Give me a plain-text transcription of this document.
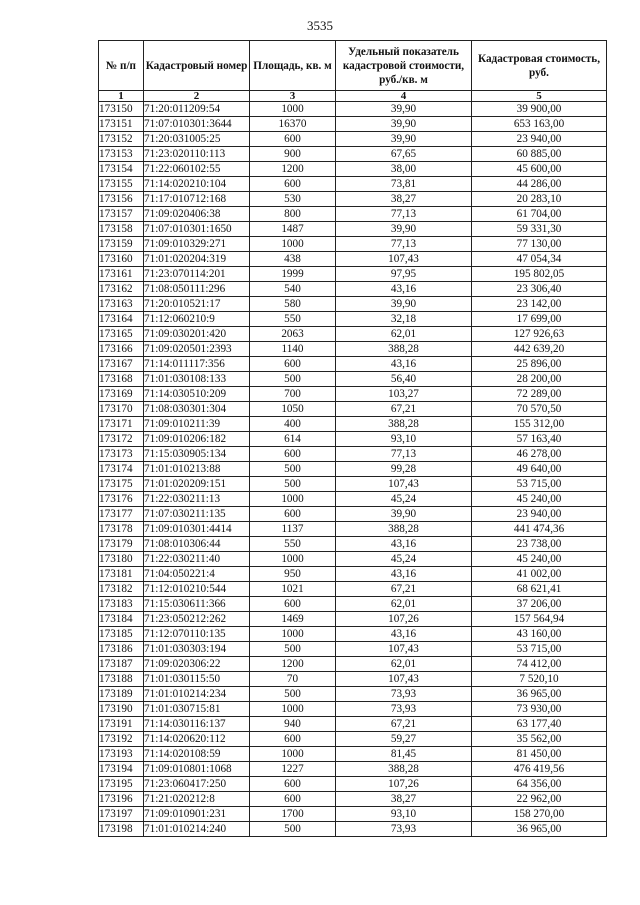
3535
№ п/п	Кадастровый номер	Площадь, кв. м	Удельный показатель кадастровой стоимости, руб./кв. м	Кадастровая стоимость, руб.
1	2	3	4	5
173150	71:20:011209:54	1000	39,90	39 900,00
173151	71:07:010301:3644	16370	39,90	653 163,00
173152	71:20:031005:25	600	39,90	23 940,00
173153	71:23:020110:113	900	67,65	60 885,00
173154	71:22:060102:55	1200	38,00	45 600,00
173155	71:14:020210:104	600	73,81	44 286,00
173156	71:17:010712:168	530	38,27	20 283,10
173157	71:09:020406:38	800	77,13	61 704,00
173158	71:07:010301:1650	1487	39,90	59 331,30
173159	71:09:010329:271	1000	77,13	77 130,00
173160	71:01:020204:319	438	107,43	47 054,34
173161	71:23:070114:201	1999	97,95	195 802,05
173162	71:08:050111:296	540	43,16	23 306,40
173163	71:20:010521:17	580	39,90	23 142,00
173164	71:12:060210:9	550	32,18	17 699,00
173165	71:09:030201:420	2063	62,01	127 926,63
173166	71:09:020501:2393	1140	388,28	442 639,20
173167	71:14:011117:356	600	43,16	25 896,00
173168	71:01:030108:133	500	56,40	28 200,00
173169	71:14:030510:209	700	103,27	72 289,00
173170	71:08:030301:304	1050	67,21	70 570,50
173171	71:09:010211:39	400	388,28	155 312,00
173172	71:09:010206:182	614	93,10	57 163,40
173173	71:15:030905:134	600	77,13	46 278,00
173174	71:01:010213:88	500	99,28	49 640,00
173175	71:01:020209:151	500	107,43	53 715,00
173176	71:22:030211:13	1000	45,24	45 240,00
173177	71:07:030211:135	600	39,90	23 940,00
173178	71:09:010301:4414	1137	388,28	441 474,36
173179	71:08:010306:44	550	43,16	23 738,00
173180	71:22:030211:40	1000	45,24	45 240,00
173181	71:04:050221:4	950	43,16	41 002,00
173182	71:12:010210:544	1021	67,21	68 621,41
173183	71:15:030611:366	600	62,01	37 206,00
173184	71:23:050212:262	1469	107,26	157 564,94
173185	71:12:070110:135	1000	43,16	43 160,00
173186	71:01:030303:194	500	107,43	53 715,00
173187	71:09:020306:22	1200	62,01	74 412,00
173188	71:01:030115:50	70	107,43	7 520,10
173189	71:01:010214:234	500	73,93	36 965,00
173190	71:01:030715:81	1000	73,93	73 930,00
173191	71:14:030116:137	940	67,21	63 177,40
173192	71:14:020620:112	600	59,27	35 562,00
173193	71:14:020108:59	1000	81,45	81 450,00
173194	71:09:010801:1068	1227	388,28	476 419,56
173195	71:23:060417:250	600	107,26	64 356,00
173196	71:21:020212:8	600	38,27	22 962,00
173197	71:09:010901:231	1700	93,10	158 270,00
173198	71:01:010214:240	500	73,93	36 965,00
